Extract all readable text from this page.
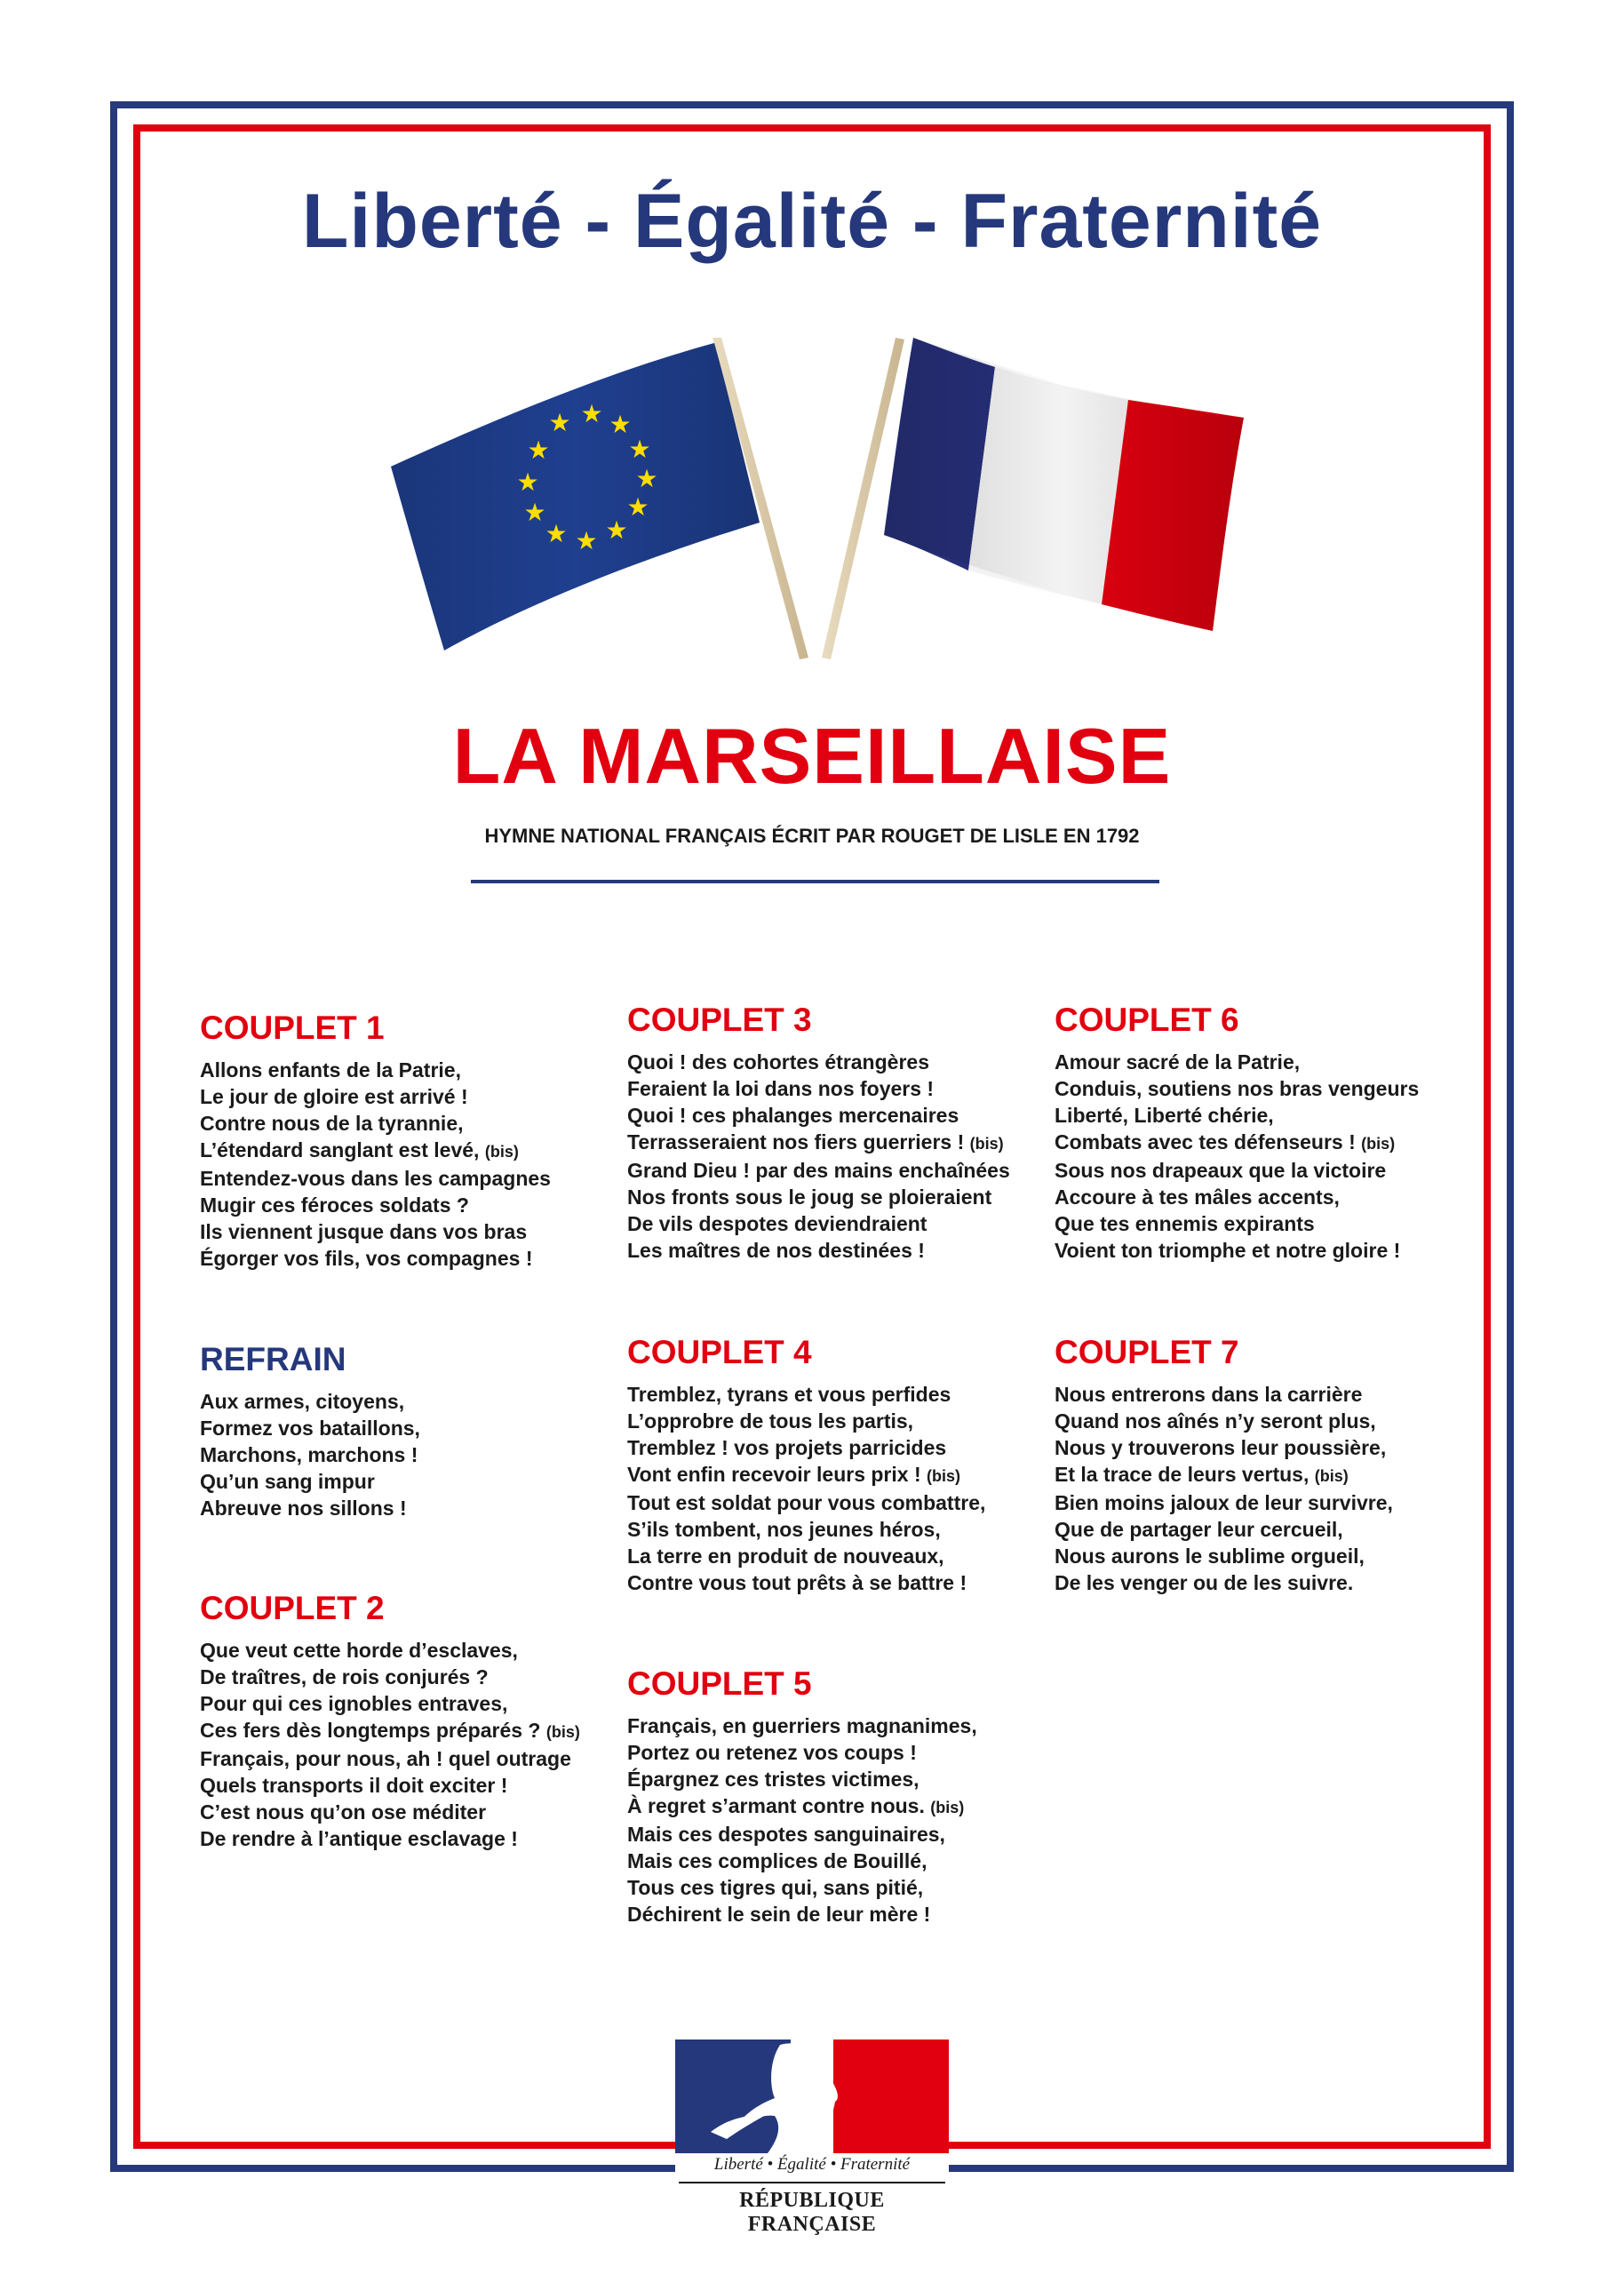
Liberté - Égalité - Fraternité
★ ★ ★
★
★
★
★
★
★
★
★
★
LA MARSEILLAISE
HYMNE NATIONAL FRANÇAIS ÉCRIT PAR ROUGET DE LISLE EN 1792
COUPLET 1
Allons enfants de la Patrie,
Le jour de gloire est arrivé !
Contre nous de la tyrannie,
L’étendard sanglant est levé, (bis)
Entendez-vous dans les campagnes
Mugir ces féroces soldats ?
Ils viennent jusque dans vos bras
Égorger vos fils, vos compagnes !
REFRAIN
Aux armes, citoyens,
Formez vos bataillons,
Marchons, marchons !
Qu’un sang impur
Abreuve nos sillons !
COUPLET 2
Que veut cette horde d’esclaves,
De traîtres, de rois conjurés ?
Pour qui ces ignobles entraves,
Ces fers dès longtemps préparés ? (bis)
Français, pour nous, ah ! quel outrage
Quels transports il doit exciter !
C’est nous qu’on ose méditer
De rendre à l’antique esclavage !
COUPLET 3
Quoi ! des cohortes étrangères
Feraient la loi dans nos foyers !
Quoi ! ces phalanges mercenaires
Terrasseraient nos fiers guerriers ! (bis)
Grand Dieu ! par des mains enchaînées
Nos fronts sous le joug se ploieraient
De vils despotes deviendraient
Les maîtres de nos destinées !
COUPLET 4
Tremblez, tyrans et vous perfides
L’opprobre de tous les partis,
Tremblez ! vos projets parricides
Vont enfin recevoir leurs prix ! (bis)
Tout est soldat pour vous combattre,
S’ils tombent, nos jeunes héros,
La terre en produit de nouveaux,
Contre vous tout prêts à se battre !
COUPLET 5
Français, en guerriers magnanimes,
Portez ou retenez vos coups !
Épargnez ces tristes victimes,
À regret s’armant contre nous. (bis)
Mais ces despotes sanguinaires,
Mais ces complices de Bouillé,
Tous ces tigres qui, sans pitié,
Déchirent le sein de leur mère !
COUPLET 6
Amour sacré de la Patrie,
Conduis, soutiens nos bras vengeurs
Liberté, Liberté chérie,
Combats avec tes défenseurs ! (bis)
Sous nos drapeaux que la victoire
Accoure à tes mâles accents,
Que tes ennemis expirants
Voient ton triomphe et notre gloire !
COUPLET 7
Nous entrerons dans la carrière
Quand nos aînés n’y seront plus,
Nous y trouverons leur poussière,
Et la trace de leurs vertus, (bis)
Bien moins jaloux de leur survivre,
Que de partager leur cercueil,
Nous aurons le sublime orgueil,
De les venger ou de les suivre.
Liberté • Égalité • Fraternité
RÉPUBLIQUE FRANÇAISE
